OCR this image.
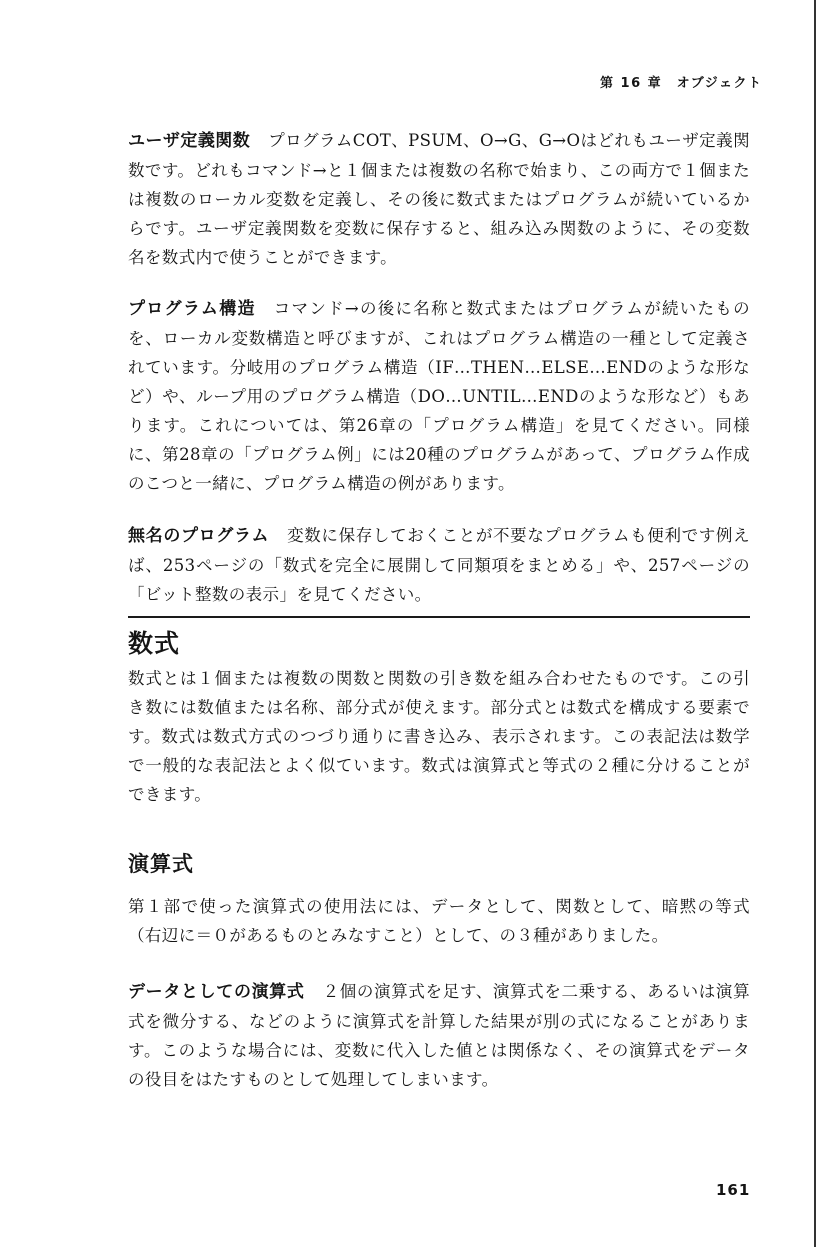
第 16 章　オブジェクト
ユーザ定義関数 プログラムCOT、PSUM、O→G、G→Oはどれもユーザ定義関数です。どれもコマンド→と１個または複数の名称で始まり、この両方で１個または複数のローカル変数を定義し、その後に数式またはプログラムが続いているからです。ユーザ定義関数を変数に保存すると、組み込み関数のように、その変数名を数式内で使うことができます。
プログラム構造 コマンド→の後に名称と数式またはプログラムが続いたものを、ローカル変数構造と呼びますが、これはプログラム構造の一種として定義されています。分岐用のプログラム構造（IF…THEN…ELSE…ENDのような形など）や、ループ用のプログラム構造（DO…UNTIL…ENDのような形など）もあります。これについては、第26章の「プログラム構造」を見てください。同様に、第28章の「プログラム例」には20種のプログラムがあって、プログラム作成のこつと一緒に、プログラム構造の例があります。
無名のプログラム 変数に保存しておくことが不要なプログラムも便利です例えば、253ページの「数式を完全に展開して同類項をまとめる」や、257ページの「ビット整数の表示」を見てください。
数式
数式とは１個または複数の関数と関数の引き数を組み合わせたものです。この引き数には数値または名称、部分式が使えます。部分式とは数式を構成する要素です。数式は数式方式のつづり通りに書き込み、表示されます。この表記法は数学で一般的な表記法とよく似ています。数式は演算式と等式の２種に分けることができます。
演算式
第１部で使った演算式の使用法には、データとして、関数として、暗黙の等式（右辺に＝０があるものとみなすこと）として、の３種がありました。
データとしての演算式 ２個の演算式を足す、演算式を二乗する、あるいは演算式を微分する、などのように演算式を計算した結果が別の式になることがあります。このような場合には、変数に代入した値とは関係なく、その演算式をデータの役目をはたすものとして処理してしまいます。
161
